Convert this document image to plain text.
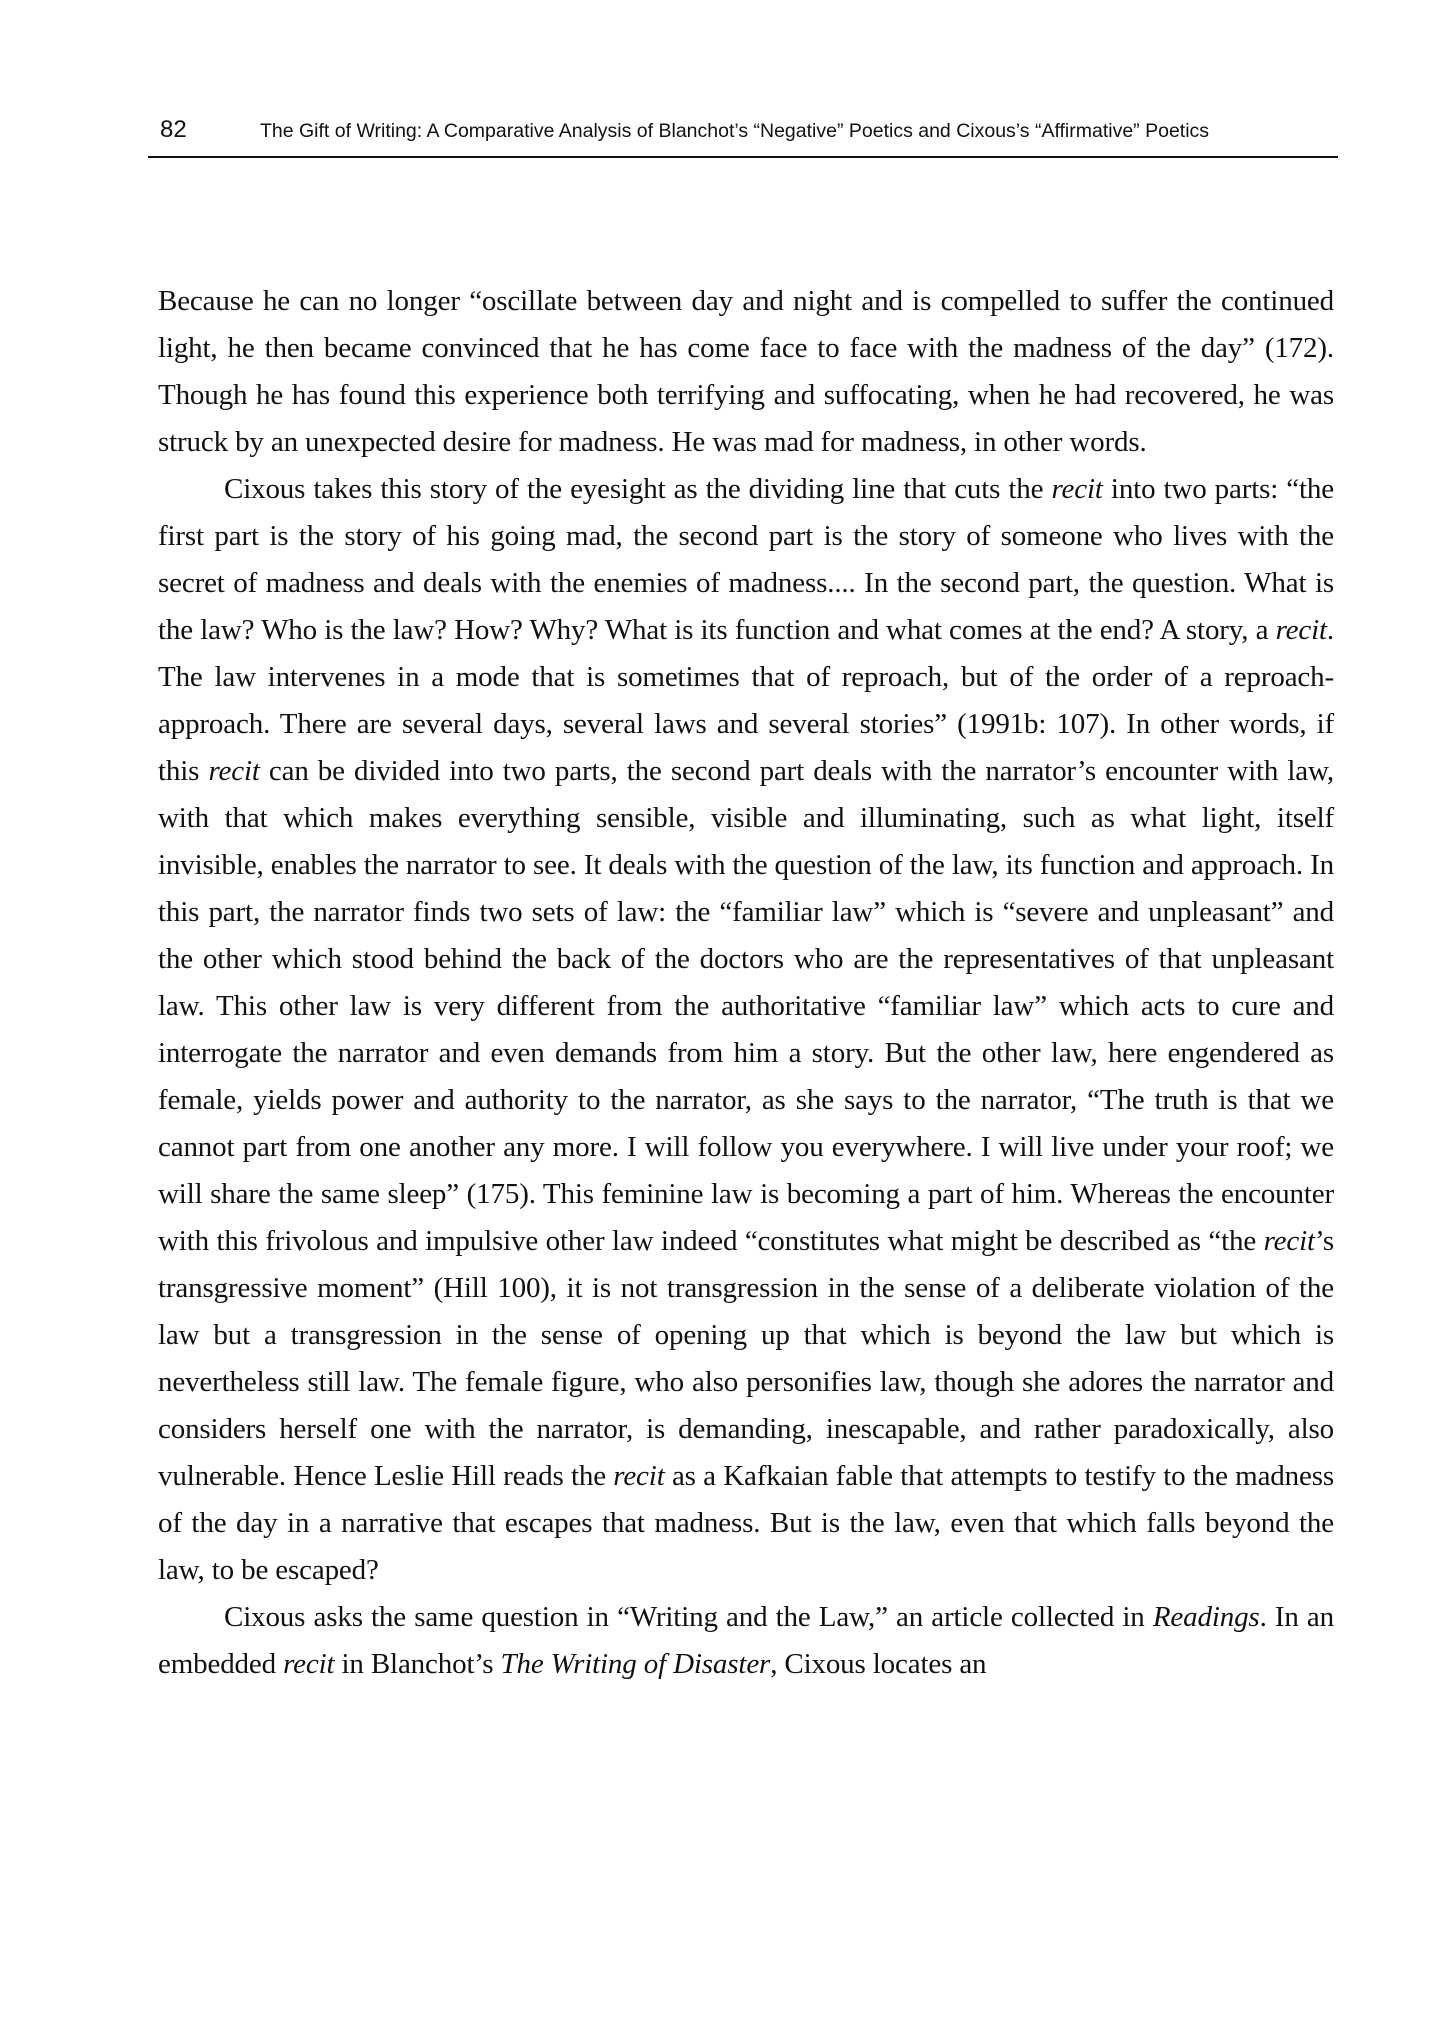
82	The Gift of Writing: A Comparative Analysis of Blanchot’s “Negative” Poetics and Cixous’s “Affirmative” Poetics

Because he can no longer “oscillate between day and night and is compelled to suffer the continued light, he then became convinced that he has come face to face with the madness of the day” (172). Though he has found this experience both terrifying and suffocating, when he had recovered, he was struck by an unexpected desire for madness. He was mad for madness, in other words.

Cixous takes this story of the eyesight as the dividing line that cuts the recit into two parts: “the first part is the story of his going mad, the second part is the story of someone who lives with the secret of madness and deals with the enemies of madness.... In the second part, the question. What is the law? Who is the law? How? Why? What is its function and what comes at the end? A story, a recit. The law intervenes in a mode that is sometimes that of reproach, but of the order of a reproach-approach. There are several days, several laws and several stories” (1991b: 107). In other words, if this recit can be divided into two parts, the second part deals with the narrator’s encounter with law, with that which makes everything sensible, visible and illuminating, such as what light, itself invisible, enables the narrator to see. It deals with the question of the law, its function and approach. In this part, the narrator finds two sets of law: the “familiar law” which is “severe and unpleasant” and the other which stood behind the back of the doctors who are the representatives of that unpleasant law. This other law is very different from the authoritative “familiar law” which acts to cure and interrogate the narrator and even demands from him a story. But the other law, here engendered as female, yields power and authority to the narrator, as she says to the narrator, “The truth is that we cannot part from one another any more. I will follow you everywhere. I will live under your roof; we will share the same sleep” (175). This feminine law is becoming a part of him. Whereas the encounter with this frivolous and impulsive other law indeed “constitutes what might be described as “the recit’s transgressive moment” (Hill 100), it is not transgression in the sense of a deliberate violation of the law but a transgression in the sense of opening up that which is beyond the law but which is nevertheless still law. The female figure, who also personifies law, though she adores the narrator and considers herself one with the narrator, is demanding, inescapable, and rather paradoxically, also vulnerable. Hence Leslie Hill reads the recit as a Kafkaian fable that attempts to testify to the madness of the day in a narrative that escapes that madness. But is the law, even that which falls beyond the law, to be escaped?

Cixous asks the same question in “Writing and the Law,” an article collected in Readings. In an embedded recit in Blanchot’s The Writing of Disaster, Cixous locates an
